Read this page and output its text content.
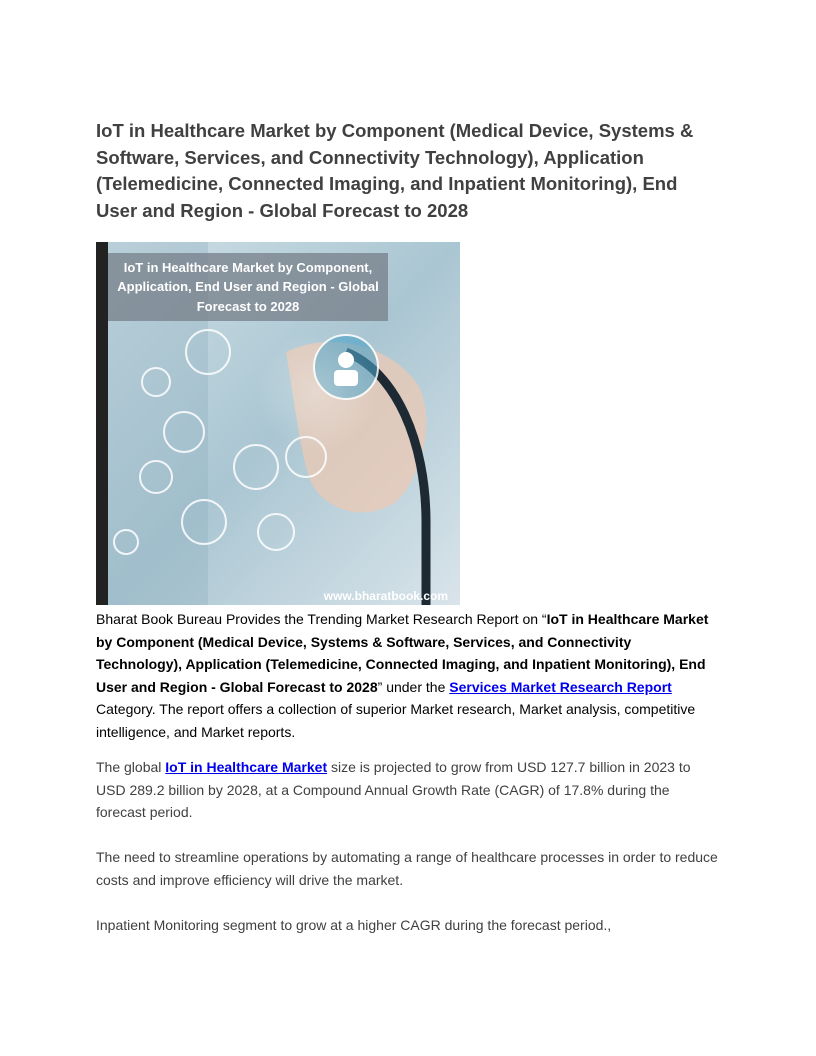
IoT in Healthcare Market by Component (Medical Device, Systems & Software, Services, and Connectivity Technology), Application (Telemedicine, Connected Imaging, and Inpatient Monitoring), End User and Region - Global Forecast to 2028
IoT in Healthcare Market by Component, Application, End User and Region - Global Forecast to 2028
www.bharatbook.com

Bharat Book Bureau Provides the Trending Market Research Report on “IoT in Healthcare Market by Component (Medical Device, Systems & Software, Services, and Connectivity Technology), Application (Telemedicine, Connected Imaging, and Inpatient Monitoring), End User and Region - Global Forecast to 2028” under the Services Market Research Report Category. The report offers a collection of superior Market research, Market analysis, competitive intelligence, and Market reports.

The global IoT in Healthcare Market size is projected to grow from USD 127.7 billion in 2023 to USD 289.2 billion by 2028, at a Compound Annual Growth Rate (CAGR) of 17.8% during the forecast period.

The need to streamline operations by automating a range of healthcare processes in order to reduce costs and improve efficiency will drive the market.

Inpatient Monitoring segment to grow at a higher CAGR during the forecast period.,
